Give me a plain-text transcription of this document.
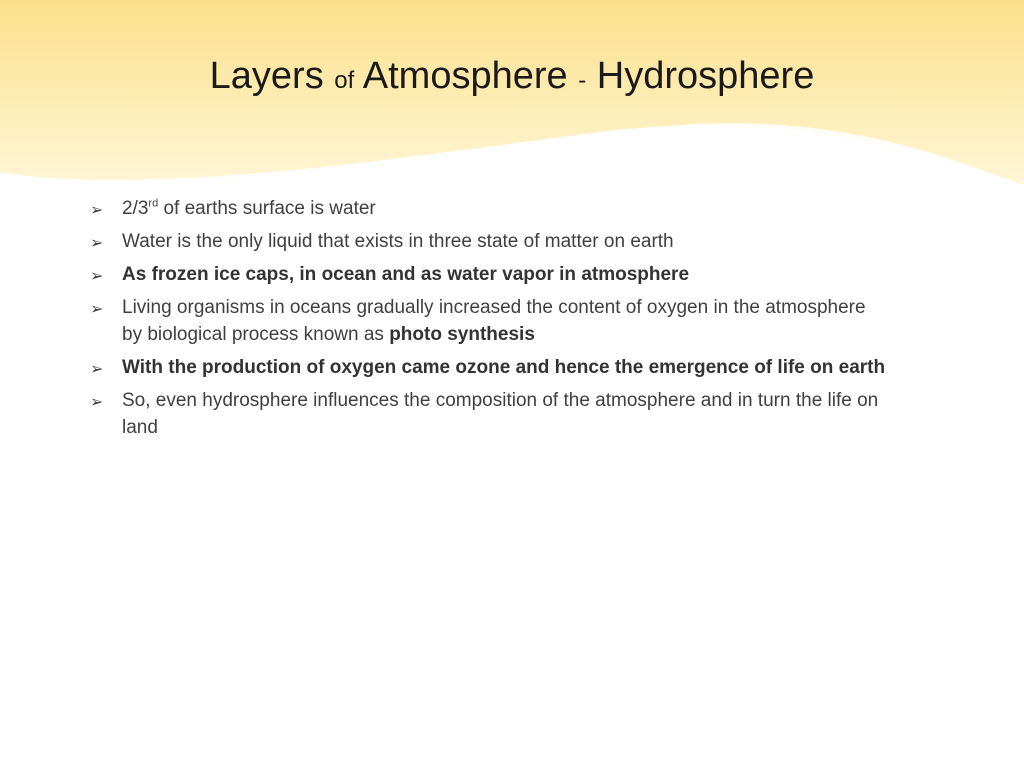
Layers of Atmosphere - Hydrosphere
➢ 2/3rd of earths surface is water
➢ Water is the only liquid that exists in three state of matter on earth
➢ As frozen ice caps, in ocean and as water vapor in atmosphere
➢ Living organisms in oceans gradually increased the content of oxygen in the atmosphere by biological process known as photo synthesis
➢ With the production of oxygen came ozone and hence the emergence of life on earth
➢ So, even hydrosphere influences the composition of the atmosphere and in turn the life on land
